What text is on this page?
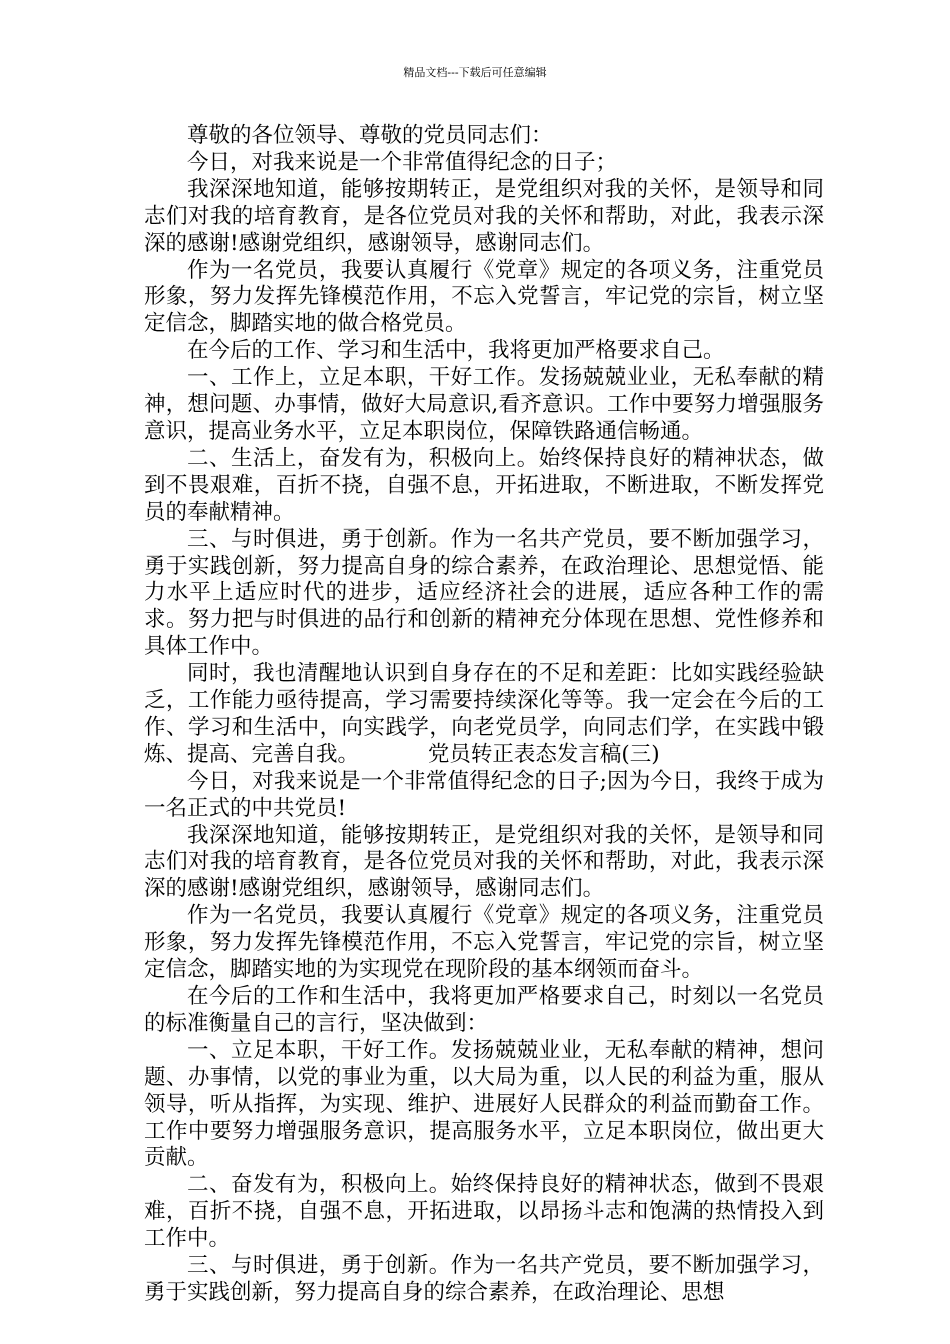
精品文档---下载后可任意编辑

尊敬的各位领导、尊敬的党员同志们：

今日，对我来说是一个非常值得纪念的日子；

我深深地知道，能够按期转正，是党组织对我的关怀，是领导和同志们对我的培育教育，是各位党员对我的关怀和帮助，对此，我表示深深的感谢!感谢党组织，感谢领导，感谢同志们。

作为一名党员，我要认真履行《党章》规定的各项义务，注重党员形象，努力发挥先锋模范作用，不忘入党誓言，牢记党的宗旨，树立坚定信念，脚踏实地的做合格党员。

在今后的工作、学习和生活中，我将更加严格要求自己。

一、工作上，立足本职，干好工作。发扬兢兢业业，无私奉献的精神，想问题、办事情，做好大局意识,看齐意识。工作中要努力增强服务意识，提高业务水平，立足本职岗位，保障铁路通信畅通。

二、生活上，奋发有为，积极向上。始终保持良好的精神状态，做到不畏艰难，百折不挠，自强不息，开拓进取，不断进取，不断发挥党员的奉献精神。

三、与时俱进，勇于创新。作为一名共产党员，要不断加强学习，勇于实践创新，努力提高自身的综合素养，在政治理论、思想觉悟、能力水平上适应时代的进步，适应经济社会的进展，适应各种工作的需求。努力把与时俱进的品行和创新的精神充分体现在思想、党性修养和具体工作中。

同时，我也清醒地认识到自身存在的不足和差距：比如实践经验缺乏，工作能力亟待提高，学习需要持续深化等等。我一定会在今后的工作、学习和生活中，向实践学，向老党员学，向同志们学，在实践中锻炼、提高、完善自我。	党员转正表态发言稿(三)

今日，对我来说是一个非常值得纪念的日子;因为今日，我终于成为一名正式的中共党员!

我深深地知道，能够按期转正，是党组织对我的关怀，是领导和同志们对我的培育教育，是各位党员对我的关怀和帮助，对此，我表示深深的感谢!感谢党组织，感谢领导，感谢同志们。

作为一名党员，我要认真履行《党章》规定的各项义务，注重党员形象，努力发挥先锋模范作用，不忘入党誓言，牢记党的宗旨，树立坚定信念，脚踏实地的为实现党在现阶段的基本纲领而奋斗。

在今后的工作和生活中，我将更加严格要求自己，时刻以一名党员的标准衡量自己的言行，坚决做到：

一、立足本职，干好工作。发扬兢兢业业，无私奉献的精神，想问题、办事情，以党的事业为重，以大局为重，以人民的利益为重，服从领导，听从指挥，为实现、维护、进展好人民群众的利益而勤奋工作。工作中要努力增强服务意识，提高服务水平，立足本职岗位，做出更大贡献。

二、奋发有为，积极向上。始终保持良好的精神状态，做到不畏艰难，百折不挠，自强不息，开拓进取，以昂扬斗志和饱满的热情投入到工作中。

三、与时俱进，勇于创新。作为一名共产党员，要不断加强学习，勇于实践创新，努力提高自身的综合素养，在政治理论、思想
